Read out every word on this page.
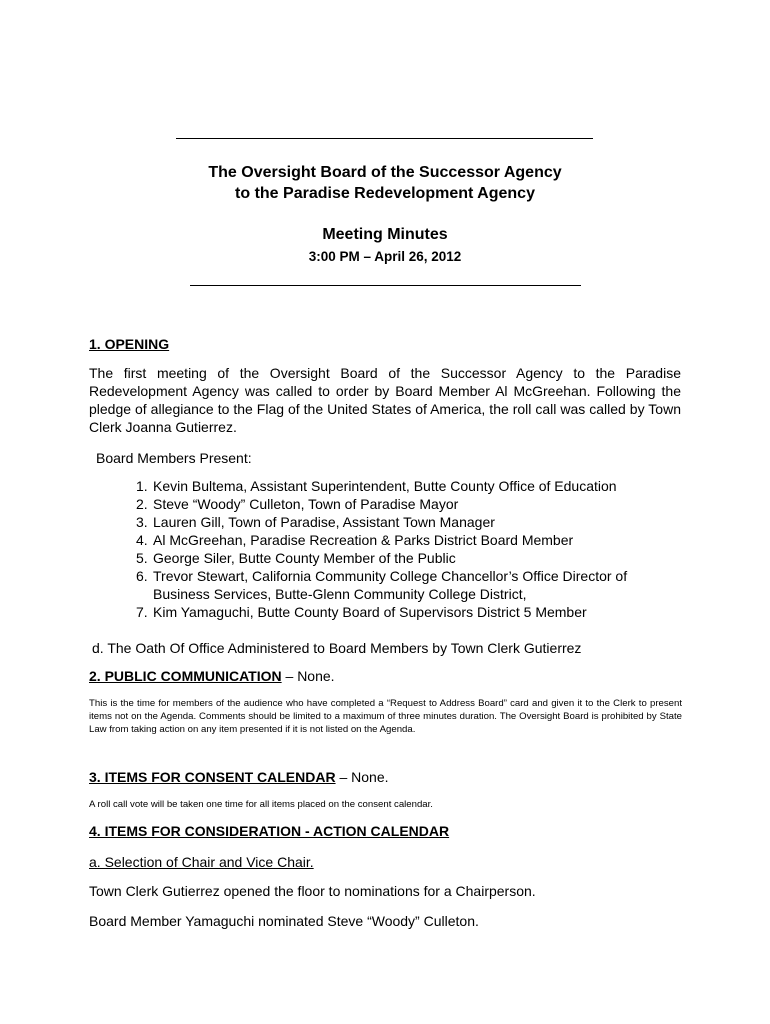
The Oversight Board of the Successor Agency
to the Paradise Redevelopment Agency
Meeting Minutes
3:00 PM – April 26, 2012
1. OPENING
The first meeting of the Oversight Board of the Successor Agency to the Paradise Redevelopment Agency was called to order by Board Member Al McGreehan. Following the pledge of allegiance to the Flag of the United States of America, the roll call was called by Town Clerk Joanna Gutierrez.
Board Members Present:
1. Kevin Bultema, Assistant Superintendent, Butte County Office of Education
2. Steve “Woody” Culleton, Town of Paradise Mayor
3. Lauren Gill, Town of Paradise, Assistant Town Manager
4. Al McGreehan, Paradise Recreation & Parks District Board Member
5. George Siler, Butte County Member of the Public
6. Trevor Stewart, California Community College Chancellor’s Office Director of Business Services, Butte-Glenn Community College District,
7. Kim Yamaguchi, Butte County Board of Supervisors District 5 Member
d. The Oath Of Office Administered to Board Members by Town Clerk Gutierrez
2. PUBLIC COMMUNICATION – None.
This is the time for members of the audience who have completed a “Request to Address Board” card and given it to the Clerk to present items not on the Agenda. Comments should be limited to a maximum of three minutes duration. The Oversight Board is prohibited by State Law from taking action on any item presented if it is not listed on the Agenda.
3. ITEMS FOR CONSENT CALENDAR – None.
A roll call vote will be taken one time for all items placed on the consent calendar.
4. ITEMS FOR CONSIDERATION - ACTION CALENDAR
a. Selection of Chair and Vice Chair.
Town Clerk Gutierrez opened the floor to nominations for a Chairperson.
Board Member Yamaguchi nominated Steve “Woody” Culleton.
